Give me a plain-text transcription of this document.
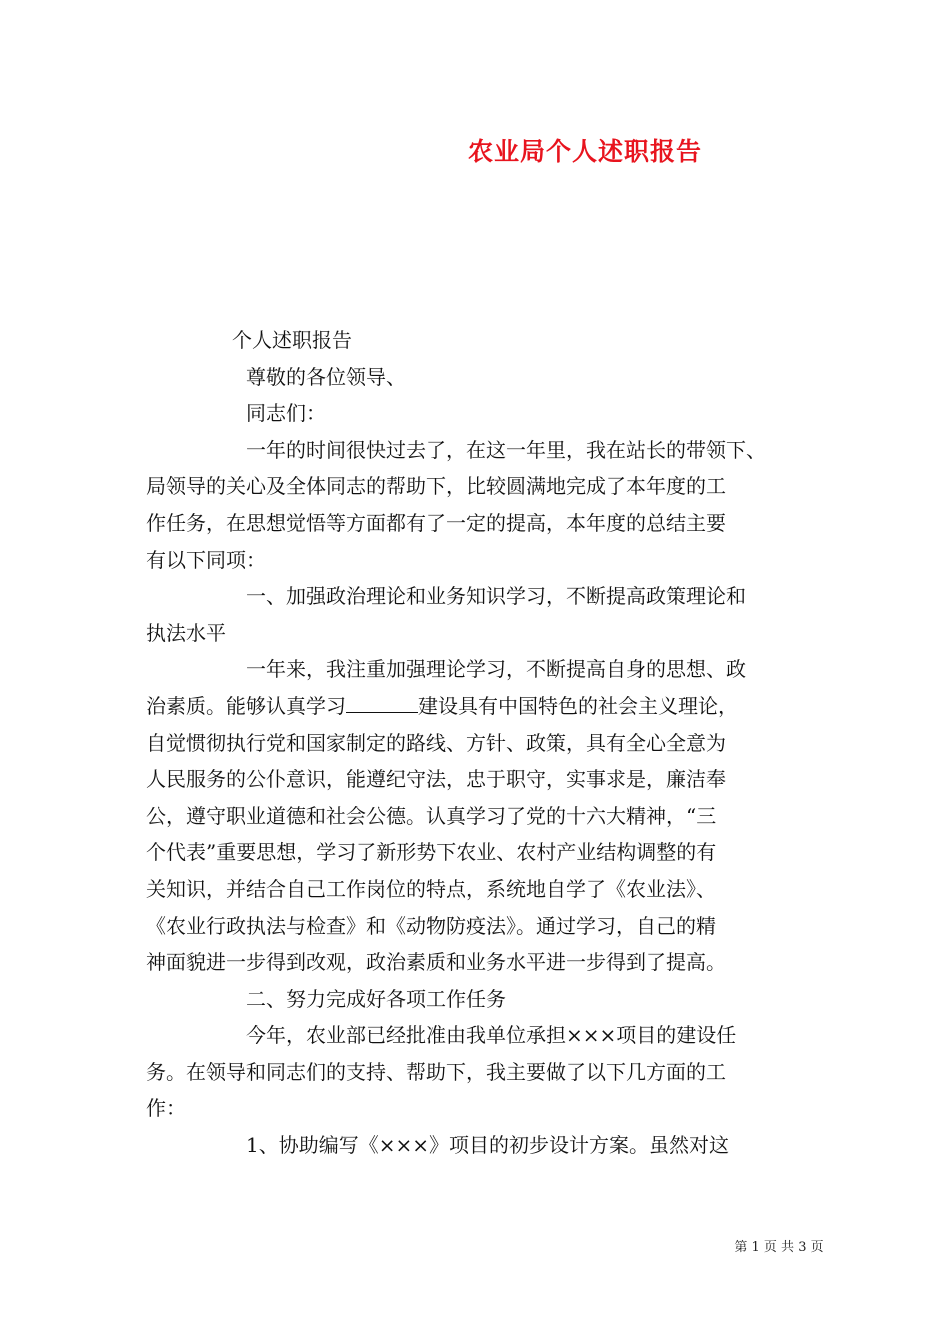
农业局个人述职报告
个人述职报告
尊敬的各位领导、
同志们：
一年的时间很快过去了，在这一年里，我在站长的带领下、
局领导的关心及全体同志的帮助下，比较圆满地完成了本年度的工
作任务，在思想觉悟等方面都有了一定的提高，本年度的总结主要
有以下同项：
一、加强政治理论和业务知识学习，不断提高政策理论和
执法水平
一年来，我注重加强理论学习，不断提高自身的思想、政
治素质。能够认真学习	建设具有中国特色的社会主义理论，
自觉惯彻执行党和国家制定的路线、方针、政策，具有全心全意为
人民服务的公仆意识，能遵纪守法，忠于职守，实事求是，廉洁奉
公，遵守职业道德和社会公德。认真学习了党的十六大精神，“三
个代表”重要思想，学习了新形势下农业、农村产业结构调整的有
关知识，并结合自己工作岗位的特点，系统地自学了《农业法》、
《农业行政执法与检查》和《动物防疫法》。通过学习，自己的精
神面貌进一步得到改观，政治素质和业务水平进一步得到了提高。
二、努力完成好各项工作任务
今年，农业部已经批准由我单位承担×××项目的建设任
务。在领导和同志们的支持、帮助下，我主要做了以下几方面的工
作：
1、协助编写《×××》项目的初步设计方案。虽然对这
第 1 页 共 3 页
